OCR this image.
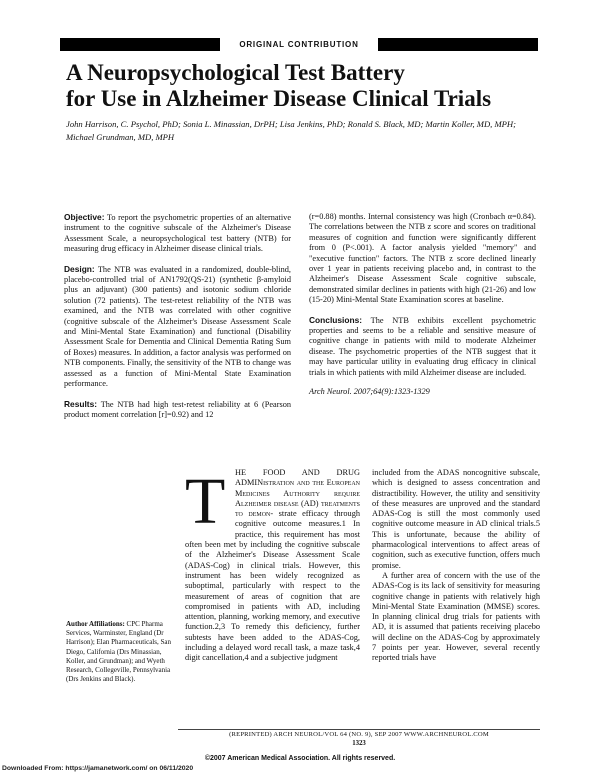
ORIGINAL CONTRIBUTION
A Neuropsychological Test Battery
for Use in Alzheimer Disease Clinical Trials
John Harrison, C. Psychol, PhD; Sonia L. Minassian, DrPH; Lisa Jenkins, PhD; Ronald S. Black, MD; Martin Koller, MD, MPH; Michael Grundman, MD, MPH

Objective: To report the psychometric properties of an alternative instrument to the cognitive subscale of the Alzheimer's Disease Assessment Scale, a neuropsychological test battery (NTB) for measuring drug efficacy in Alzheimer disease clinical trials.

Design: The NTB was evaluated in a randomized, double-blind, placebo-controlled trial of AN1792(QS-21) (synthetic β-amyloid plus an adjuvant) (300 patients) and isotonic sodium chloride solution (72 patients). The test-retest reliability of the NTB was examined, and the NTB was correlated with other cognitive (cognitive subscale of the Alzheimer's Disease Assessment Scale and Mini-Mental State Examination) and functional (Disability Assessment Scale for Dementia and Clinical Dementia Rating Sum of Boxes) measures. In addition, a factor analysis was performed on NTB components. Finally, the sensitivity of the NTB to change was assessed as a function of Mini-Mental State Examination performance.

Results: The NTB had high test-retest reliability at 6 (Pearson product moment correlation [r]=0.92) and 12

(r=0.88) months. Internal consistency was high (Cronbach α=0.84). The correlations between the NTB z score and scores on traditional measures of cognition and function were significantly different from 0 (P<.001). A factor analysis yielded "memory" and "executive function" factors. The NTB z score declined linearly over 1 year in patients receiving placebo and, in contrast to the Alzheimer's Disease Assessment Scale cognitive subscale, demonstrated similar declines in patients with high (21-26) and low (15-20) Mini-Mental State Examination scores at baseline.

Conclusions: The NTB exhibits excellent psychometric properties and seems to be a reliable and sensitive measure of cognitive change in patients with mild to moderate Alzheimer disease. The psychometric properties of the NTB suggest that it may have particular utility in evaluating drug efficacy in clinical trials in which patients with mild Alzheimer disease are included.

Arch Neurol. 2007;64(9):1323-1329

T	HE FOOD AND DRUG ADMINistration and the European Medicines Authority require Alzheimer disease (AD) treatments to demon- strate efficacy through cognitive outcome measures.1 In practice, this requirement has most often been met by including the cognitive subscale of the Alzheimer's Disease Assessment Scale (ADAS-Cog) in clinical trials. However, this instrument has been widely recognized as suboptimal, particularly with respect to the measurement of areas of cognition that are compromised in patients with AD, including attention, planning, working memory, and executive function.2,3 To remedy this deficiency, further subtests have been added to the ADAS-Cog, including a delayed word recall task, a maze task,4 digit cancellation,4 and a subjective judgment

included from the ADAS noncognitive subscale, which is designed to assess concentration and distractibility. However, the utility and sensitivity of these measures are unproved and the standard ADAS-Cog is still the most commonly used cognitive outcome measure in AD clinical trials.5 This is unfortunate, because the ability of pharmacological interventions to affect areas of cognition, such as executive function, offers much promise.

A further area of concern with the use of the ADAS-Cog is its lack of sensitivity for measuring cognitive change in patients with relatively high Mini-Mental State Examination (MMSE) scores. In planning clinical drug trials for patients with AD, it is assumed that patients receiving placebo will decline on the ADAS-Cog by approximately 7 points per year. However, several recently reported trials have

Author Affiliations: CPC Pharma Services, Warminster, England (Dr Harrison); Elan Pharmaceuticals, San Diego, California (Drs Minassian, Koller, and Grundman); and Wyeth Research, Collegeville, Pennsylvania (Drs Jenkins and Black).
(REPRINTED) ARCH NEUROL/VOL 64 (NO. 9), SEP 2007 WWW.ARCHNEUROL.COM
1323
©2007 American Medical Association. All rights reserved.
Downloaded From: https://jamanetwork.com/ on 06/11/2020
